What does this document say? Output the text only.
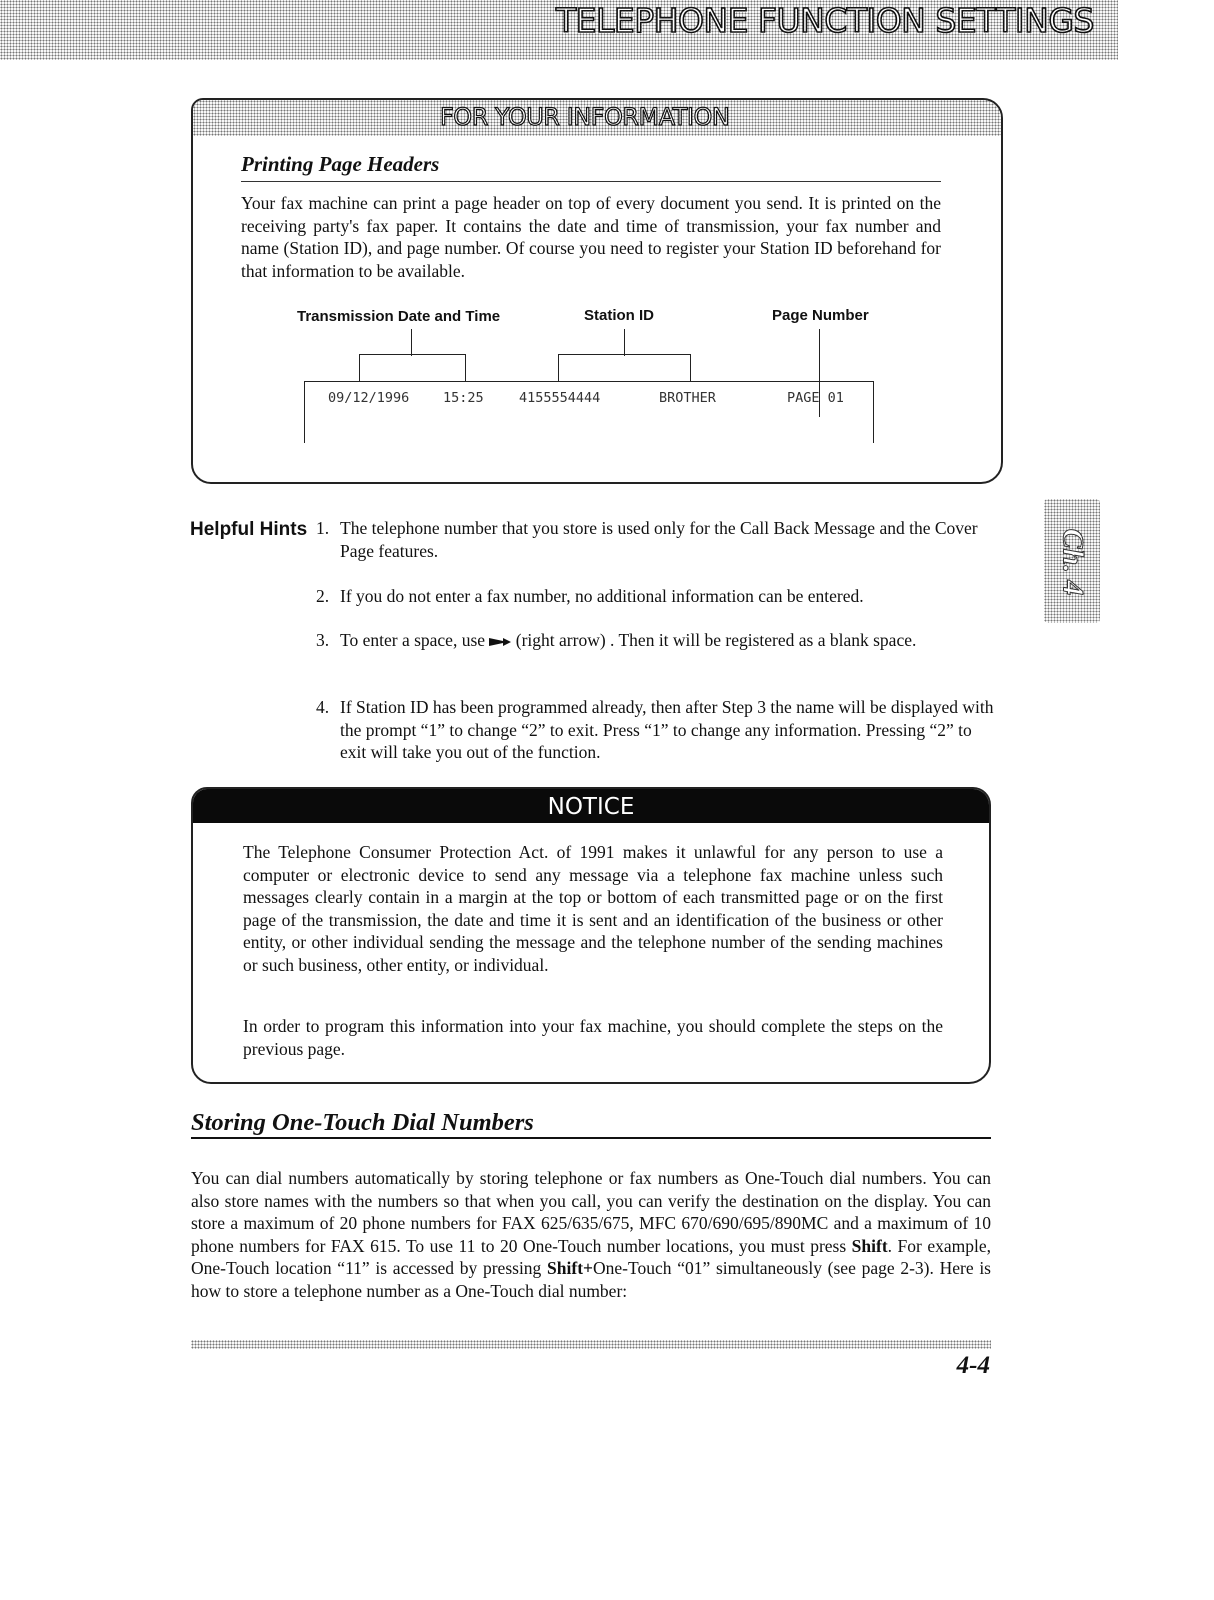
TELEPHONE FUNCTION SETTINGS
FOR YOUR INFORMATION
Printing Page Headers
Your fax machine can print a page header on top of every document you send. It is printed on the receiving party's fax paper. It contains the date and time of transmission, your fax number and name (Station ID), and page number. Of course you need to register your Station ID beforehand for that information to be available.
Transmission Date and Time	Station ID	Page Number
09/12/1996 15:25	4155554444	BROTHER	PAGE 01
Ch. 4
Helpful Hints 1. The telephone number that you store is used only for the Call Back Message and the Cover Page features.
2. If you do not enter a fax number, no additional information can be entered.
3. To enter a space, use (right arrow) . Then it will be registered as a blank space.
4. If Station ID has been programmed already, then after Step 3 the name will be displayed with the prompt “1” to change “2” to exit. Press “1” to change any information. Pressing “2” to exit will take you out of the function.
NOTICE
The Telephone Consumer Protection Act. of 1991 makes it unlawful for any person to use a computer or electronic device to send any message via a telephone fax machine unless such messages clearly contain in a margin at the top or bottom of each transmitted page or on the first page of the transmission, the date and time it is sent and an identification of the business or other entity, or other individual sending the message and the telephone number of the sending machines or such business, other entity, or individual.
In order to program this information into your fax machine, you should complete the steps on the previous page.
Storing One-Touch Dial Numbers
You can dial numbers automatically by storing telephone or fax numbers as One-Touch dial numbers. You can also store names with the numbers so that when you call, you can verify the destination on the display. You can store a maximum of 20 phone numbers for FAX 625/635/675, MFC 670/690/695/890MC and a maximum of 10 phone numbers for FAX 615. To use 11 to 20 One-Touch number locations, you must press Shift. For example, One-Touch location “11” is accessed by pressing Shift+One-Touch “01” simultaneously (see page 2-3). Here is how to store a telephone number as a One-Touch dial number:
4-4
